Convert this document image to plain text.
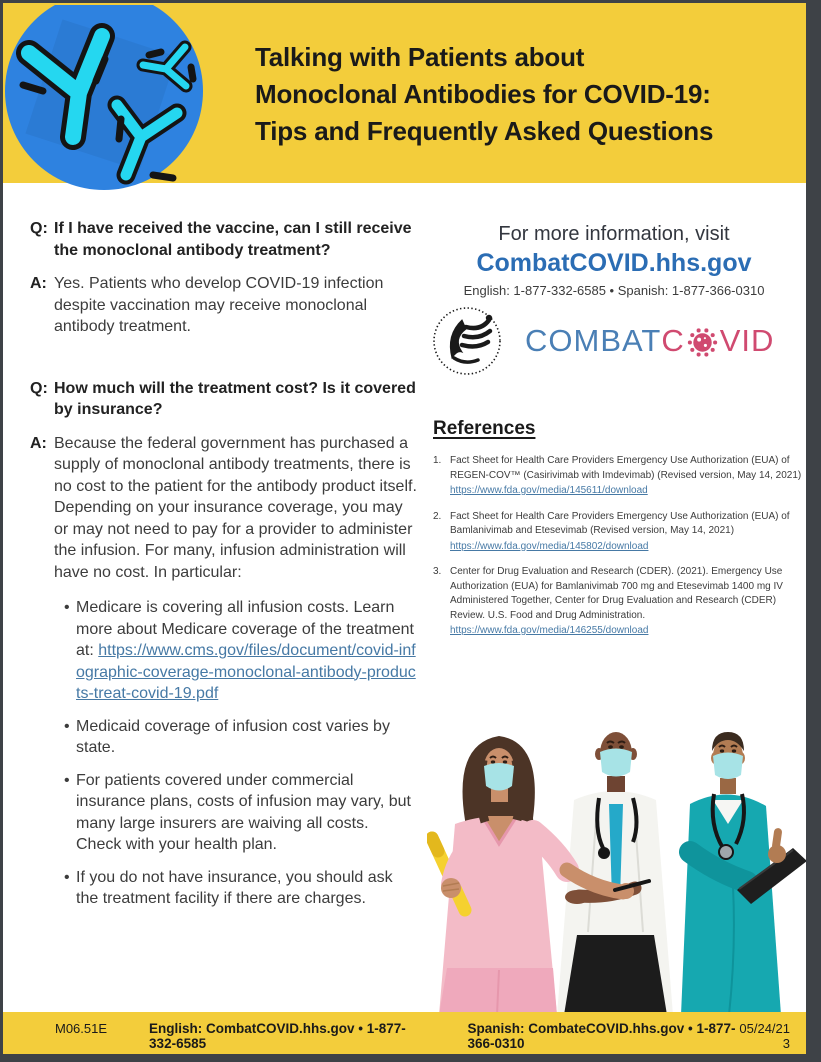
Talking with Patients about
Monoclonal Antibodies for COVID-19:
Tips and Frequently Asked Questions
Q: If I have received the vaccine, can I still receive the monoclonal antibody treatment?
A: Yes. Patients who develop COVID-19 infection despite vaccination may receive monoclonal antibody treatment.
Q: How much will the treatment cost? Is it covered by insurance?
A: Because the federal government has purchased a supply of monoclonal antibody treatments, there is no cost to the patient for the antibody product itself. Depending on your insurance coverage, you may or may not need to pay for a provider to administer the infusion. For many, infusion administration will have no cost. In particular:
• Medicare is covering all infusion costs. Learn more about Medicare coverage of the treatment at: https://www.cms.gov/files/document/covid-infographic-coverage-monoclonal-antibody-products-treat-covid-19.pdf
• Medicaid coverage of infusion cost varies by state.
• For patients covered under commercial insurance plans, costs of infusion may vary, but many large insurers are waiving all costs. Check with your health plan.
• If you do not have insurance, you should ask the treatment facility if there are charges.
For more information, visit
CombatCOVID.hhs.gov
English: 1-877-332-6585 • Spanish: 1-877-366-0310
COMBAT C VID
References
1. Fact Sheet for Health Care Providers Emergency Use Authorization (EUA) of REGEN-COV™ (Casirivimab with Imdevimab) (Revised version, May 14, 2021)
https://www.fda.gov/media/145611/download
2. Fact Sheet for Health Care Providers Emergency Use Authorization (EUA) of Bamlanivimab and Etesevimab (Revised version, May 14, 2021)
https://www.fda.gov/media/145802/download
3. Center for Drug Evaluation and Research (CDER). (2021). Emergency Use Authorization (EUA) for Bamlanivimab 700 mg and Etesevimab 1400 mg IV Administered Together, Center for Drug Evaluation and Research (CDER) Review. U.S. Food and Drug Administration.
https://www.fda.gov/media/146255/download
M06.51E	English: CombatCOVID.hhs.gov • 1-877-332-6585
Spanish: CombateCOVID.hhs.gov • 1-877-366-0310
05/24/21
3
